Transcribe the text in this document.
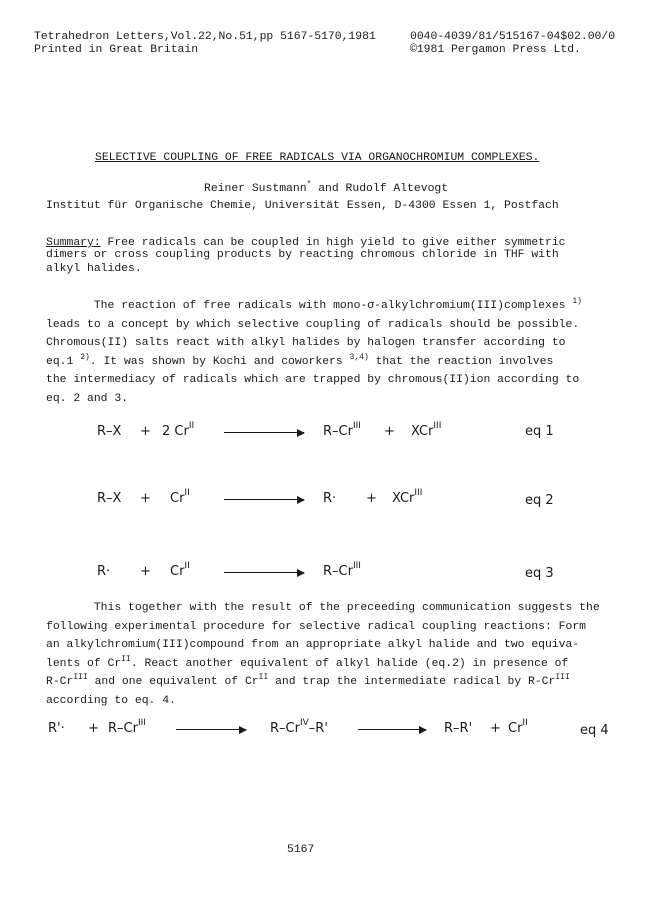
Tetrahedron Letters,Vol.22,No.51,pp 5167-5170,1981	0040-4039/81/515167-04$02.00/0
Printed in Great Britain	©1981 Pergamon Press Ltd.
SELECTIVE COUPLING OF FREE RADICALS VIA ORGANOCHROMIUM COMPLEXES.
Reiner Sustmann* and Rudolf Altevogt
Institut für Organische Chemie, Universität Essen, D-4300 Essen 1, Postfach
Summary: Free radicals can be coupled in high yield to give either symmetric
dimers or cross coupling products by reacting chromous chloride in THF with
alkyl halides.
The reaction of free radicals with mono-σ-alkylchromium(III)complexes $^{1)}$
leads to a concept by which selective coupling of radicals should be possible.
Chromous(II) salts react with alkyl halides by halogen transfer according to
eq.1 $^{2)}$. It was shown by Kochi and coworkers $^{3,4)}$ that the reaction involves
the intermediacy of radicals which are trapped by chromous(II)ion according to
eq. 2 and 3.
R–X + 2 $Cr^{II}$	$R-Cr^{III} + XCr^{III}$	eq 1
$R-X + Cr^{II}$	R· + XCr$^{III}$	eq 2
$R\cdot + Cr^{II}$	$R-Cr^{III}$	eq 3
This together with the result of the preceeding communication suggests the
following experimental procedure for selective radical coupling reactions: Form
an alkylchromium(III)compound from an appropriate alkyl halide and two equiva-
lents of $Cr^{II}$. React another equivalent of alkyl halide (eq.2) in presence of
$R-Cr^{III}$ and one equivalent of $Cr^{II}$ and trap the intermediate radical by $R-Cr^{III}$
according to eq. 4.
$R'\cdot + R-Cr^{III}$	$R-Cr^{IV}-R'$	$R-R' + Cr^{II}$	eq 4
5167
